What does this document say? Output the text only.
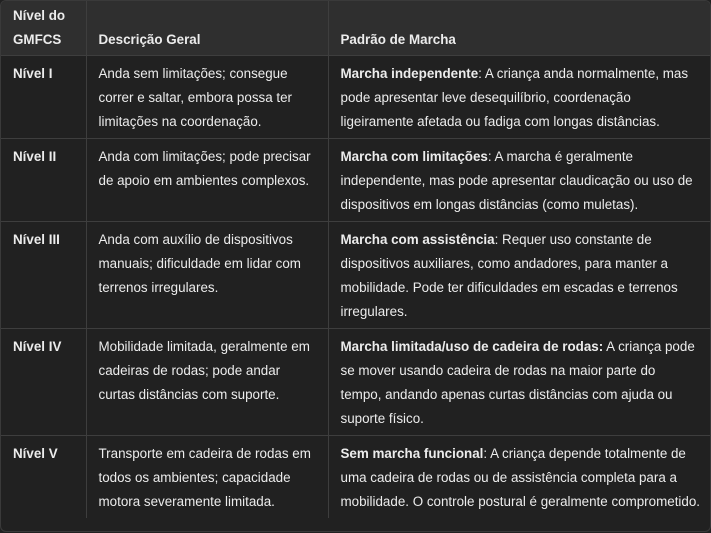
Nível do GMFCS	Descrição Geral	Padrão de Marcha
Nível I	Anda sem limitações; consegue correr e saltar, embora possa ter limitações na coordenação.	Marcha independente: A criança anda normalmente, mas pode apresentar leve desequilíbrio, coordenação ligeiramente afetada ou fadiga com longas distâncias.
Nível II	Anda com limitações; pode precisar de apoio em ambientes complexos.	Marcha com limitações: A marcha é geralmente independente, mas pode apresentar claudicação ou uso de dispositivos em longas distâncias (como muletas).
Nível III	Anda com auxílio de dispositivos manuais; dificuldade em lidar com terrenos irregulares.	Marcha com assistência: Requer uso constante de dispositivos auxiliares, como andadores, para manter a mobilidade. Pode ter dificuldades em escadas e terrenos irregulares.
Nível IV	Mobilidade limitada, geralmente em cadeiras de rodas; pode andar curtas distâncias com suporte.	Marcha limitada/uso de cadeira de rodas: A criança pode se mover usando cadeira de rodas na maior parte do tempo, andando apenas curtas distâncias com ajuda ou suporte físico.
Nível V	Transporte em cadeira de rodas em todos os ambientes; capacidade motora severamente limitada.	Sem marcha funcional: A criança depende totalmente de uma cadeira de rodas ou de assistência completa para a mobilidade. O controle postural é geralmente comprometido.
